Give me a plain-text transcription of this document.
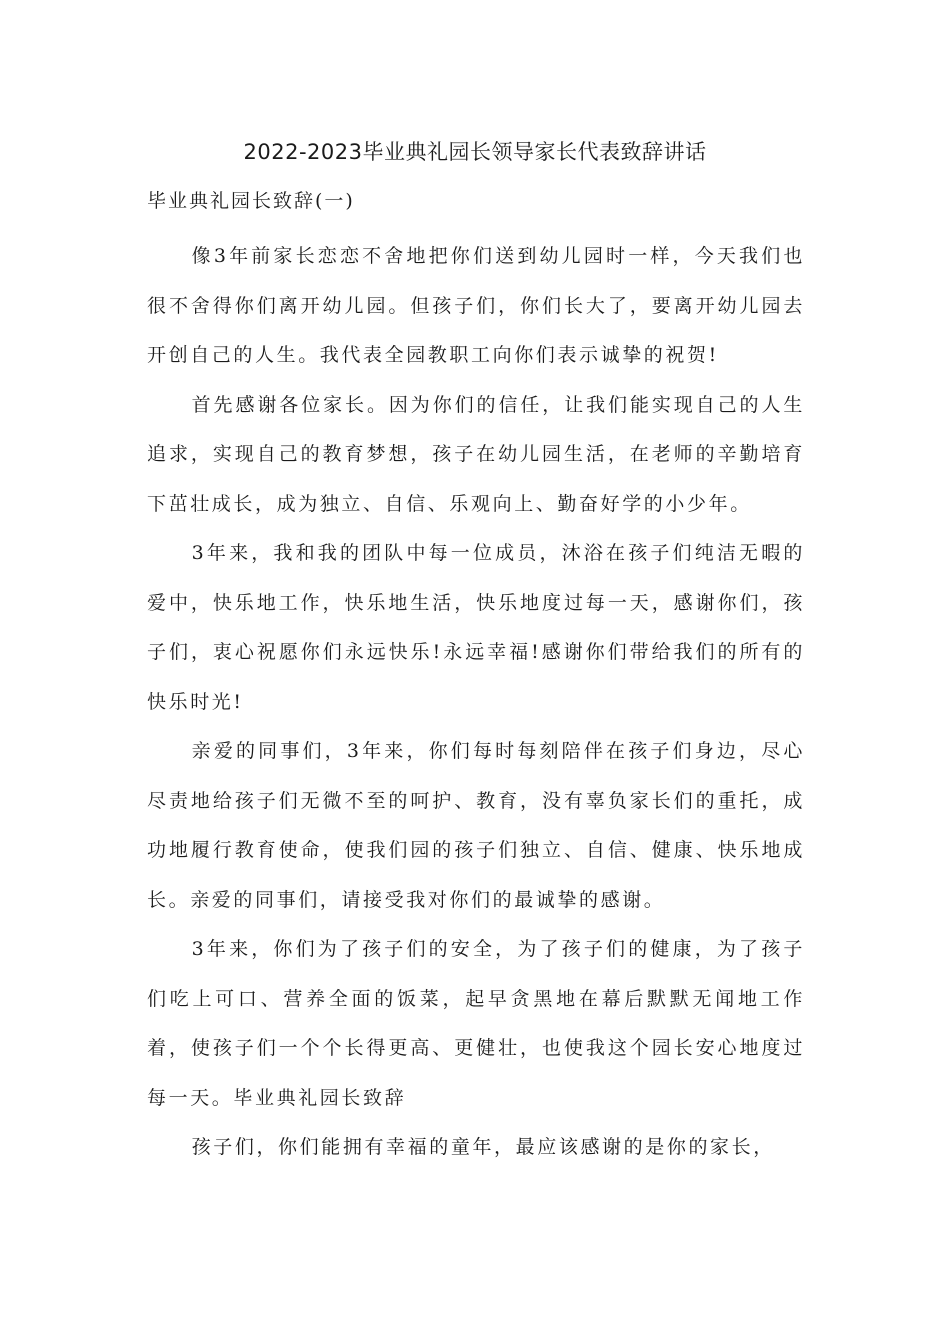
2022-2023毕业典礼园长领导家长代表致辞讲话
毕业典礼园长致辞(一)

像3年前家长恋恋不舍地把你们送到幼儿园时一样，今天我们也很不舍得你们离开幼儿园。但孩子们，你们长大了，要离开幼儿园去开创自己的人生。我代表全园教职工向你们表示诚挚的祝贺!

首先感谢各位家长。因为你们的信任，让我们能实现自己的人生追求，实现自己的教育梦想，孩子在幼儿园生活，在老师的辛勤培育下茁壮成长，成为独立、自信、乐观向上、勤奋好学的小少年。

3年来，我和我的团队中每一位成员，沐浴在孩子们纯洁无暇的爱中，快乐地工作，快乐地生活，快乐地度过每一天，感谢你们，孩子们，衷心祝愿你们永远快乐!永远幸福!感谢你们带给我们的所有的快乐时光!

亲爱的同事们，3年来，你们每时每刻陪伴在孩子们身边，尽心尽责地给孩子们无微不至的呵护、教育，没有辜负家长们的重托，成功地履行教育使命，使我们园的孩子们独立、自信、健康、快乐地成长。亲爱的同事们，请接受我对你们的最诚挚的感谢。

3年来，你们为了孩子们的安全，为了孩子们的健康，为了孩子们吃上可口、营养全面的饭菜，起早贪黑地在幕后默默无闻地工作着，使孩子们一个个长得更高、更健壮，也使我这个园长安心地度过每一天。毕业典礼园长致辞

孩子们，你们能拥有幸福的童年，最应该感谢的是你的家长，
